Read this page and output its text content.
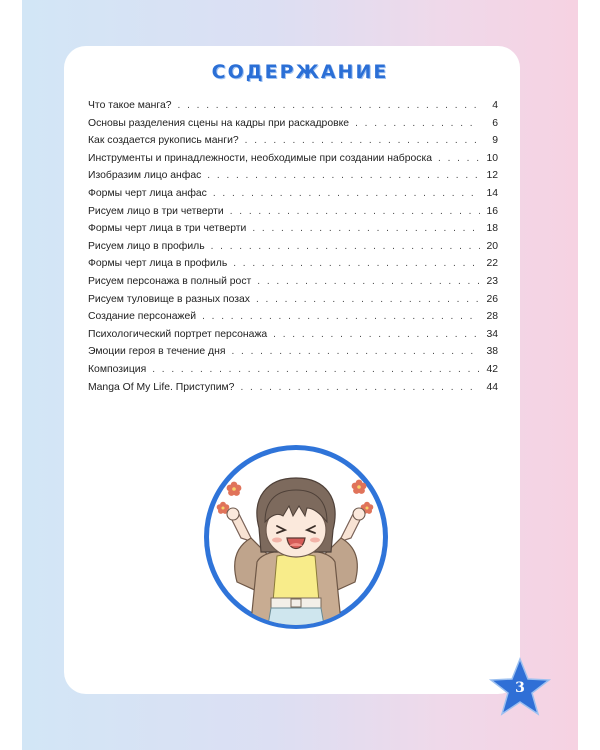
СОДЕРЖАНИЕ
Что такое манга? . . .	4
Основы разделения сцены на кадры при раскадровке . . .	6
Как создается рукопись манги? . . .	9
Инструменты и принадлежности, необходимые при создании наброска . . .	10
Изобразим лицо анфас . . .	12
Формы черт лица анфас . . .	14
Рисуем лицо в три четверти . . .	16
Формы черт лица в три четверти . . .	18
Рисуем лицо в профиль . . .	20
Формы черт лица в профиль . . .	22
Рисуем персонажа в полный рост . . .	23
Рисуем туловище в разных позах . . .	26
Создание персонажей . . .	28
Психологический портрет персонажа . . .	34
Эмоции героя в течение дня . . .	38
Композиция . . .	42
Manga Of My Life. Приступим? . . .	44
3
